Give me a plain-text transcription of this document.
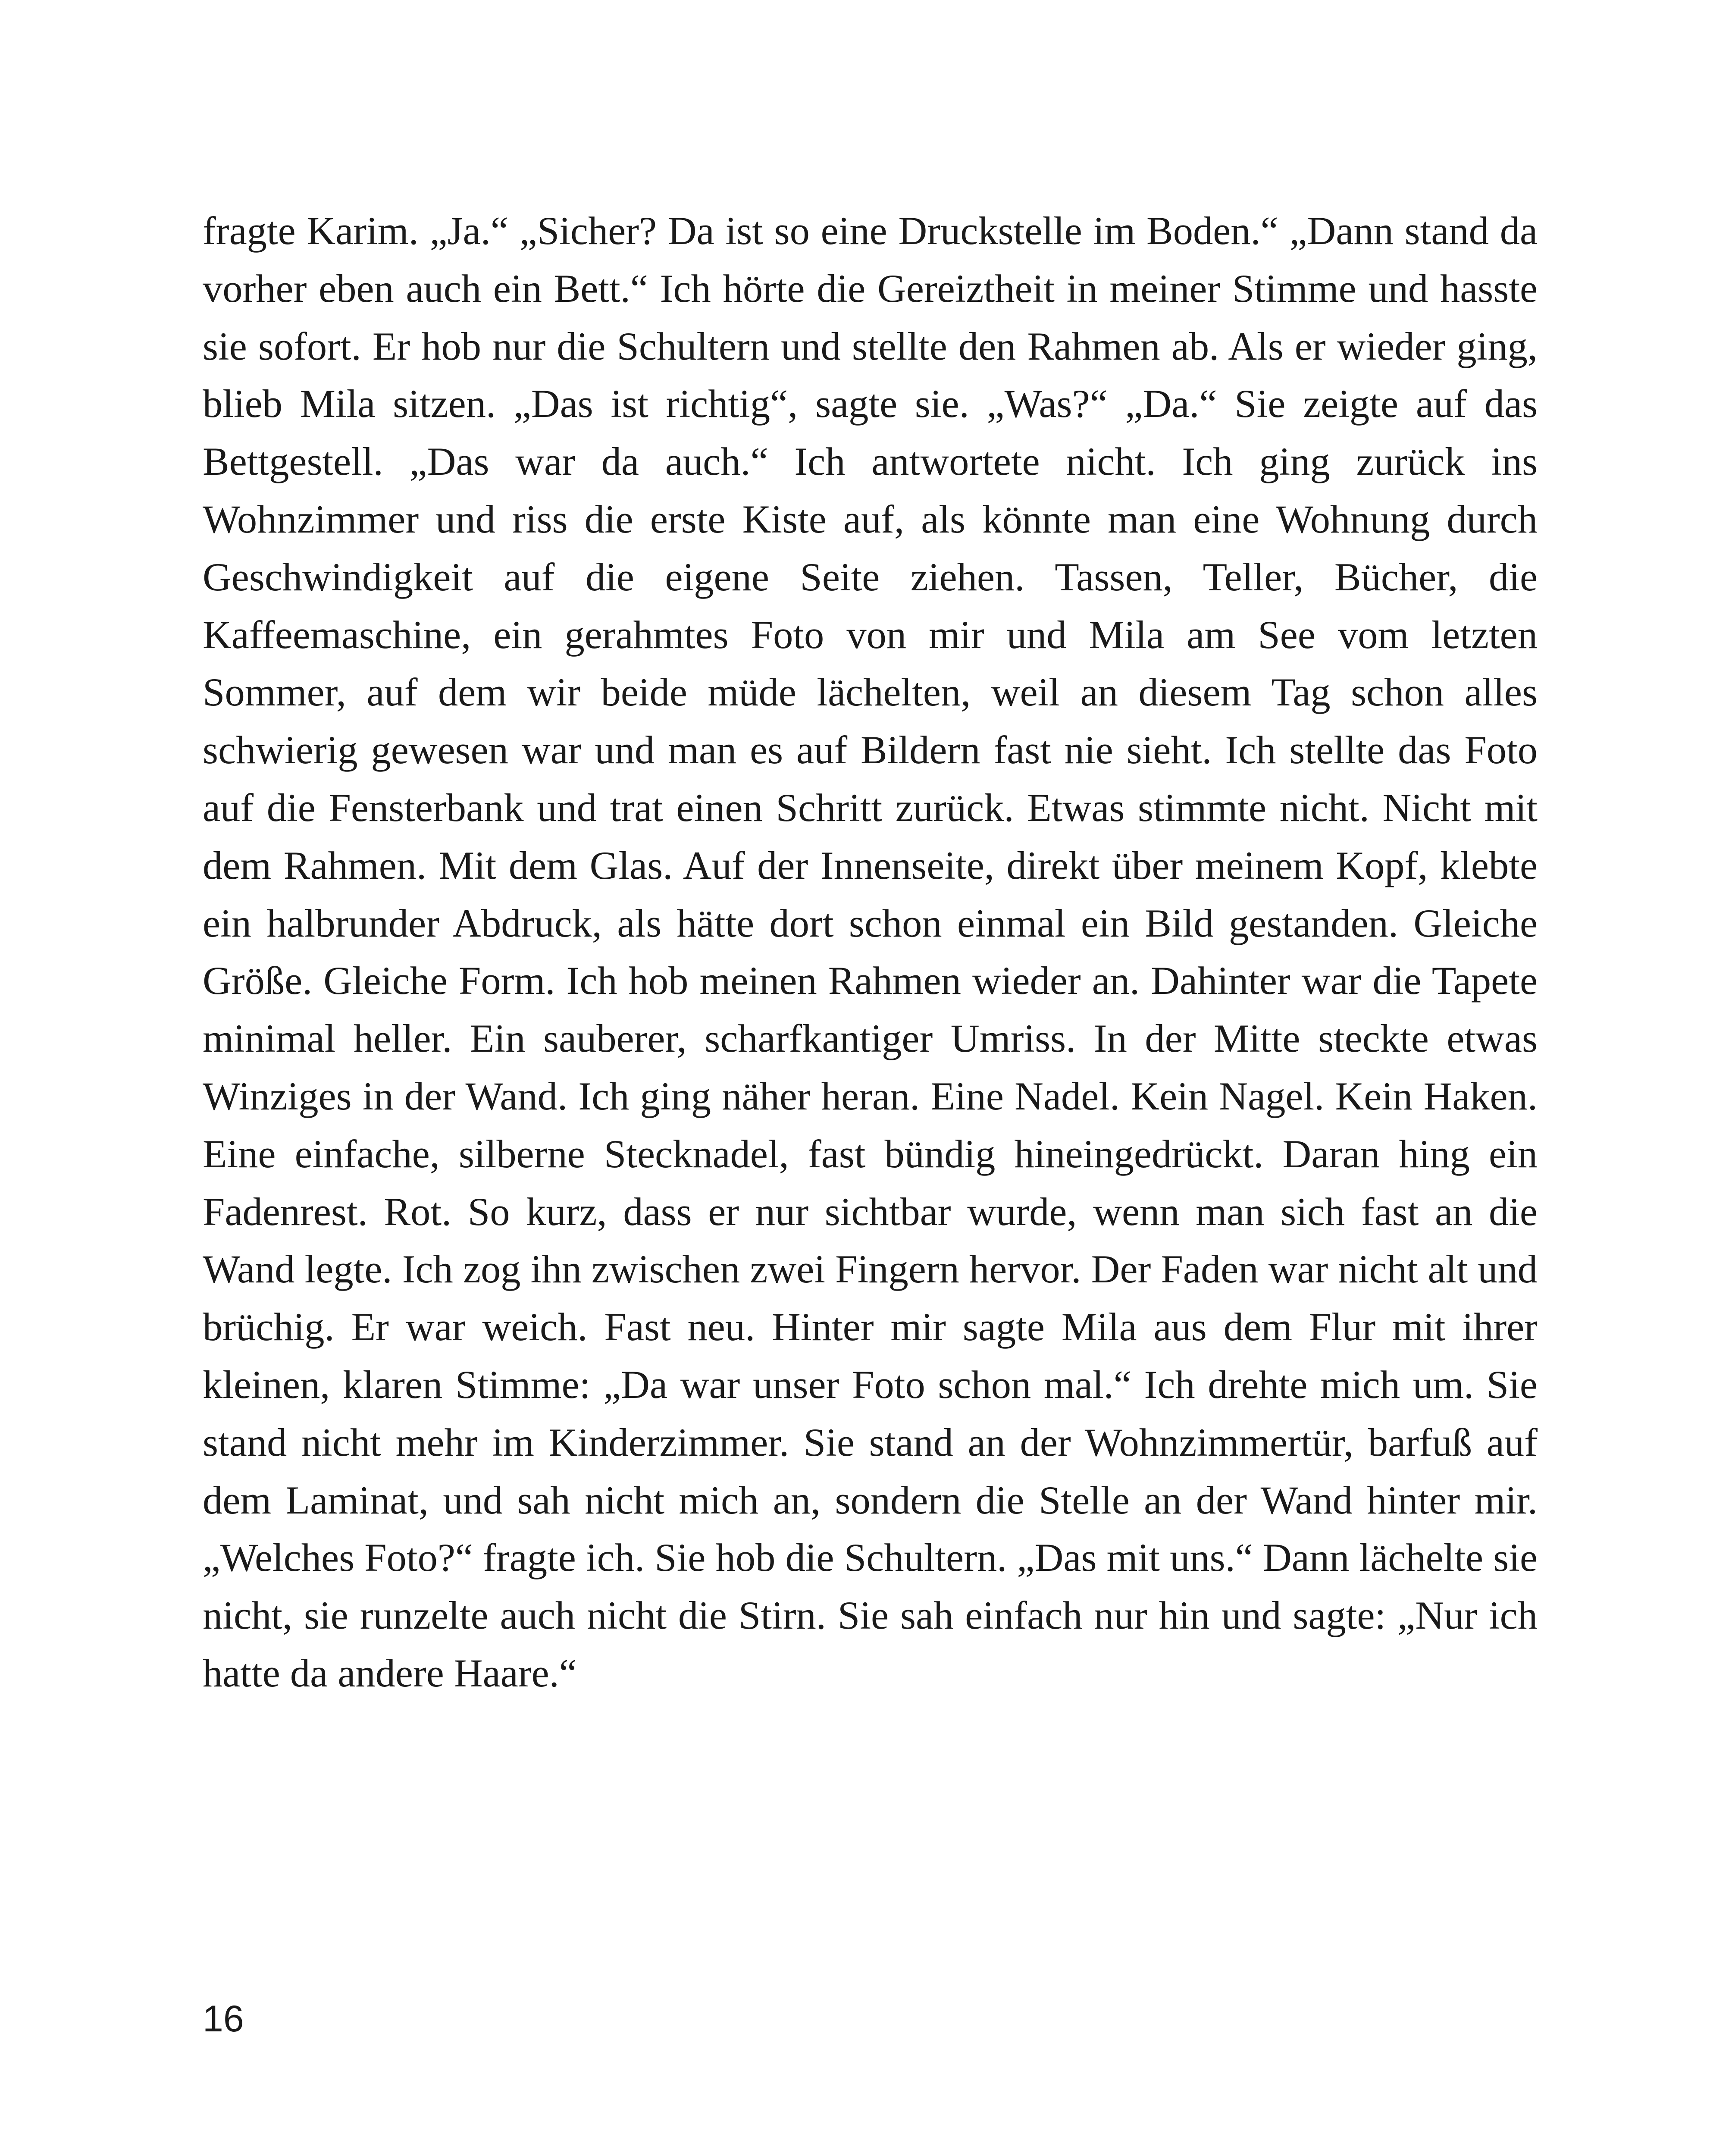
fragte Karim. „Ja.“ „Sicher? Da ist so eine Druckstelle im Boden.“ „Dann stand da vorher eben auch ein Bett.“ Ich hörte die Gereiztheit in meiner Stimme und hasste sie sofort. Er hob nur die Schultern und stellte den Rahmen ab. Als er wieder ging, blieb Mila sitzen. „Das ist richtig“, sagte sie. „Was?“ „Da.“ Sie zeigte auf das Bettgestell. „Das war da auch.“ Ich antwortete nicht. Ich ging zurück ins Wohnzimmer und riss die erste Kiste auf, als könnte man eine Wohnung durch Geschwindigkeit auf die eigene Seite ziehen. Tassen, Teller, Bücher, die Kaffeemaschine, ein gerahmtes Foto von mir und Mila am See vom letzten Sommer, auf dem wir beide müde lächelten, weil an diesem Tag schon alles schwierig gewesen war und man es auf Bildern fast nie sieht. Ich stellte das Foto auf die Fensterbank und trat einen Schritt zurück. Etwas stimmte nicht. Nicht mit dem Rahmen. Mit dem Glas. Auf der Innenseite, direkt über meinem Kopf, klebte ein halbrunder Abdruck, als hätte dort schon einmal ein Bild gestanden. Gleiche Größe. Gleiche Form. Ich hob meinen Rahmen wieder an. Dahinter war die Tapete minimal heller. Ein sauberer, scharfkantiger Umriss. In der Mitte steckte etwas Winziges in der Wand. Ich ging näher heran. Eine Nadel. Kein Nagel. Kein Haken. Eine einfache, silberne Stecknadel, fast bündig hineingedrückt. Daran hing ein Fadenrest. Rot. So kurz, dass er nur sichtbar wurde, wenn man sich fast an die Wand legte. Ich zog ihn zwischen zwei Fingern hervor. Der Faden war nicht alt und brüchig. Er war weich. Fast neu. Hinter mir sagte Mila aus dem Flur mit ihrer kleinen, klaren Stimme: „Da war unser Foto schon mal.“ Ich drehte mich um. Sie stand nicht mehr im Kinderzimmer. Sie stand an der Wohnzimmertür, barfuß auf dem Laminat, und sah nicht mich an, sondern die Stelle an der Wand hinter mir. „Welches Foto?“ fragte ich. Sie hob die Schultern. „Das mit uns.“ Dann lächelte sie nicht, sie runzelte auch nicht die Stirn. Sie sah einfach nur hin und sagte: „Nur ich hatte da andere Haare.“

16
